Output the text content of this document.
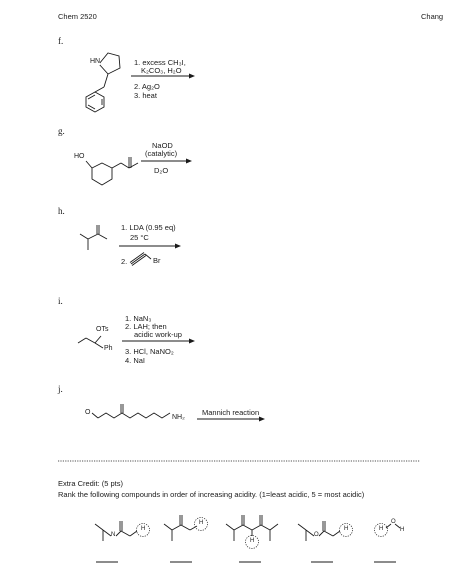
Chem 2520	Chang
f.
g.
h.
i.
j.
HN	1. excess CH₃I,
K₂CO₃, H₂O
2. Ag₂O
3. heat
HO
NaOD
(catalytic)
D₂O
1. LDA (0.95 eq)
25 °C
2.	Br
OTs
Ph
1. NaN₃
2. LAH; then
acidic work-up
3. HCl, NaNO₂
4. NaI
O
NH₂
Mannich reaction
Extra Credit: (5 pts)
Rank the following compounds in order of increasing acidity. (1=least acidic, 5 = most acidic)
N
H
H
H
O
H	H
O
H
